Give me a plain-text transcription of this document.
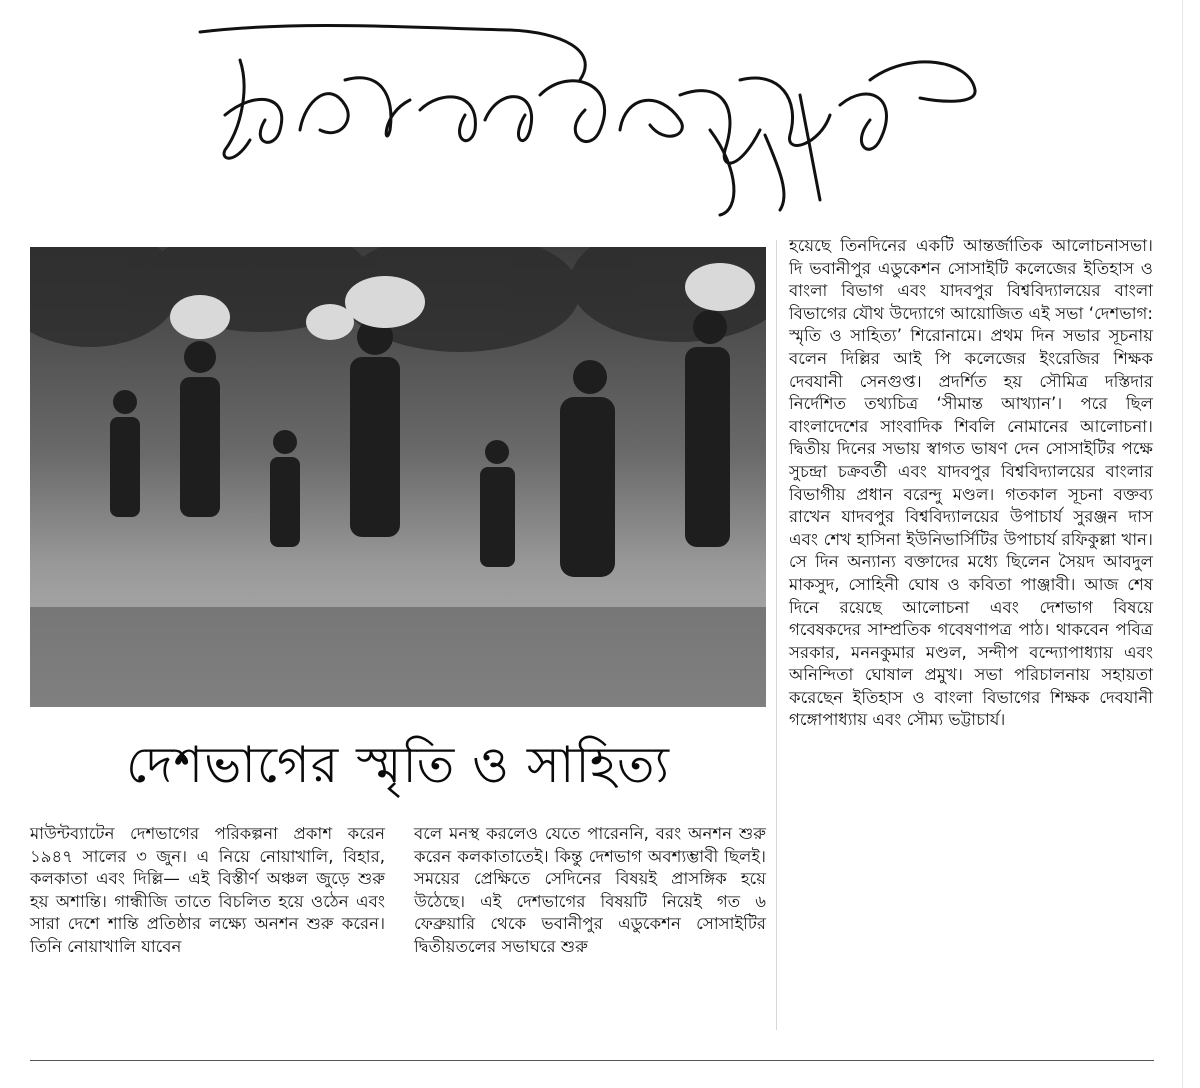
দেশভাগের স্মৃতি ও সাহিত্য

মাউন্টব্যাটেন দেশভাগের পরিকল্পনা প্রকাশ করেন ১৯৪৭ সালের ৩ জুন। এ নিয়ে নোয়াখালি, বিহার, কলকাতা এবং দিল্লি— এই বিস্তীর্ণ অঞ্চল জুড়ে শুরু হয় অশান্তি। গান্ধীজি তাতে বিচলিত হয়ে ওঠেন এবং সারা দেশে শান্তি প্রতিষ্ঠার লক্ষ্যে অনশন শুরু করেন। তিনি নোয়াখালি যাবেন

বলে মনস্থ করলেও যেতে পারেননি, বরং অনশন শুরু করেন কলকাতাতেই। কিন্তু দেশভাগ অবশ্যম্ভাবী ছিলই। সময়ের প্রেক্ষিতে সেদিনের বিষয়ই প্রাসঙ্গিক হয়ে উঠেছে। এই দেশভাগের বিষয়টি নিয়েই গত ৬ ফেব্রুয়ারি থেকে ভবানীপুর এডুকেশন সোসাইটির দ্বিতীয়তলের সভাঘরে শুরু

হয়েছে তিনদিনের একটি আন্তর্জাতিক আলোচনাসভা। দি ভবানীপুর এডুকেশন সোসাইটি কলেজের ইতিহাস ও বাংলা বিভাগ এবং যাদবপুর বিশ্ববিদ্যালয়ের বাংলা বিভাগের যৌথ উদ্যোগে আয়োজিত এই সভা ‘দেশভাগ: স্মৃতি ও সাহিত্য’ শিরোনামে। প্রথম দিন সভার সূচনায় বলেন দিল্লির আই পি কলেজের ইংরেজির শিক্ষক দেবযানী সেনগুপ্ত। প্রদর্শিত হয় সৌমিত্র দস্তিদার নির্দেশিত তথ্যচিত্র ‘সীমান্ত আখ্যান’। পরে ছিল বাংলাদেশের সাংবাদিক শিবলি নোমানের আলোচনা। দ্বিতীয় দিনের সভায় স্বাগত ভাষণ দেন সোসাইটির পক্ষে সুচন্দ্রা চক্রবর্তী এবং যাদবপুর বিশ্ববিদ্যালয়ের বাংলার বিভাগীয় প্রধান বরেন্দু মণ্ডল। গতকাল সূচনা বক্তব্য রাখেন যাদবপুর বিশ্ববিদ্যালয়ের উপাচার্য সুরঞ্জন দাস এবং শেখ হাসিনা ইউনিভার্সিটির উপাচার্য রফিকুল্লা খান। সে দিন অন্যান্য বক্তাদের মধ্যে ছিলেন সৈয়দ আবদুল মাকসুদ, সোহিনী ঘোষ ও কবিতা পাঞ্জাবী। আজ শেষ দিনে রয়েছে আলোচনা এবং দেশভাগ বিষয়ে গবেষকদের সাম্প্রতিক গবেষণাপত্র পাঠ। থাকবেন পবিত্র সরকার, মননকুমার মণ্ডল, সন্দীপ বন্দ্যোপাধ্যায় এবং অনিন্দিতা ঘোষাল প্রমুখ। সভা পরিচালনায় সহায়তা করেছেন ইতিহাস ও বাংলা বিভাগের শিক্ষক দেবযানী গঙ্গোপাধ্যায় এবং সৌম্য ভট্টাচার্য।
